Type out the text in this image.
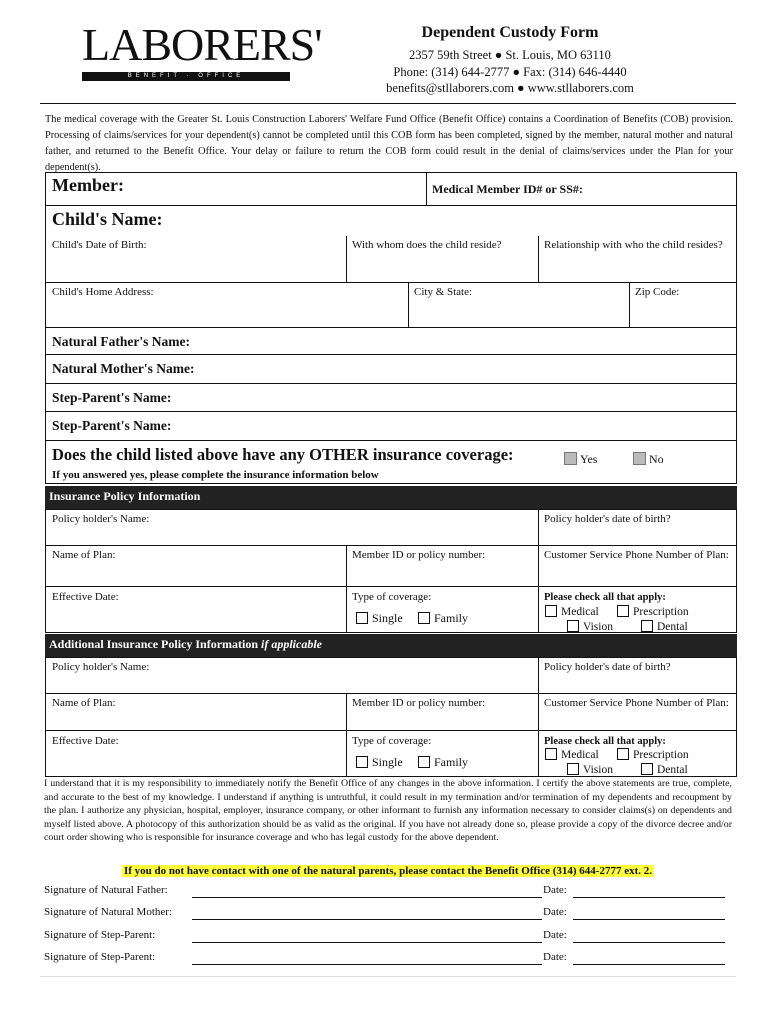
LABORERS'
BENEFIT · OFFICE
Dependent Custody Form
2357 59th Street ● St. Louis, MO 63110
Phone: (314) 644-2777 ● Fax: (314) 646-4440
benefits@stllaborers.com ● www.stllaborers.com
The medical coverage with the Greater St. Louis Construction Laborers' Welfare Fund Office (Benefit Office) contains a Coordination of Benefits (COB) provision. Processing of claims/services for your dependent(s) cannot be completed until this COB form has been completed, signed by the member, natural mother and natural father, and returned to the Benefit Office. Your delay or failure to return the COB form could result in the denial of claims/services under the Plan for your dependent(s).
Member:	Medical Member ID# or SS#:
Child's Name:
Child's Date of Birth:	With whom does the child reside?	Relationship with who the child resides?
Child's Home Address:	City & State:	Zip Code:
Natural Father's Name:
Natural Mother's Name:
Step-Parent's Name:
Step-Parent's Name:
Does the child listed above have any OTHER insurance coverage:	Yes	No
If you answered yes, please complete the insurance information below
Insurance Policy Information
Policy holder's Name:	Policy holder's date of birth?
Name of Plan:	Member ID or policy number:	Customer Service Phone Number of Plan:
Effective Date:	Type of coverage:
Single	Family
Please check all that apply:
Medical	Prescription
Vision	Dental
Additional Insurance Policy Information if applicable
Policy holder's Name:	Policy holder's date of birth?
Name of Plan:	Member ID or policy number:	Customer Service Phone Number of Plan:
Effective Date:	Type of coverage:
Single	Family
Please check all that apply:
Medical	Prescription
Vision	Dental
I understand that it is my responsibility to immediately notify the Benefit Office of any changes in the above information. I certify the above statements are true, complete, and accurate to the best of my knowledge. I understand if anything is untruthful, it could result in my termination and/or termination of my dependents and recoupment by the plan. I authorize any physician, hospital, employer, insurance company, or other informant to furnish any information necessary to consider claims(s) on dependents and myself listed above. A photocopy of this authorization should be as valid as the original. If you have not already done so, please provide a copy of the divorce decree and/or court order showing who is responsible for insurance coverage and who has legal custody for the above dependent.
If you do not have contact with one of the natural parents, please contact the Benefit Office (314) 644-2777 ext. 2.
Signature of Natural Father:	Date:
Signature of Natural Mother:	Date:
Signature of Step-Parent:	Date:
Signature of Step-Parent:	Date:
